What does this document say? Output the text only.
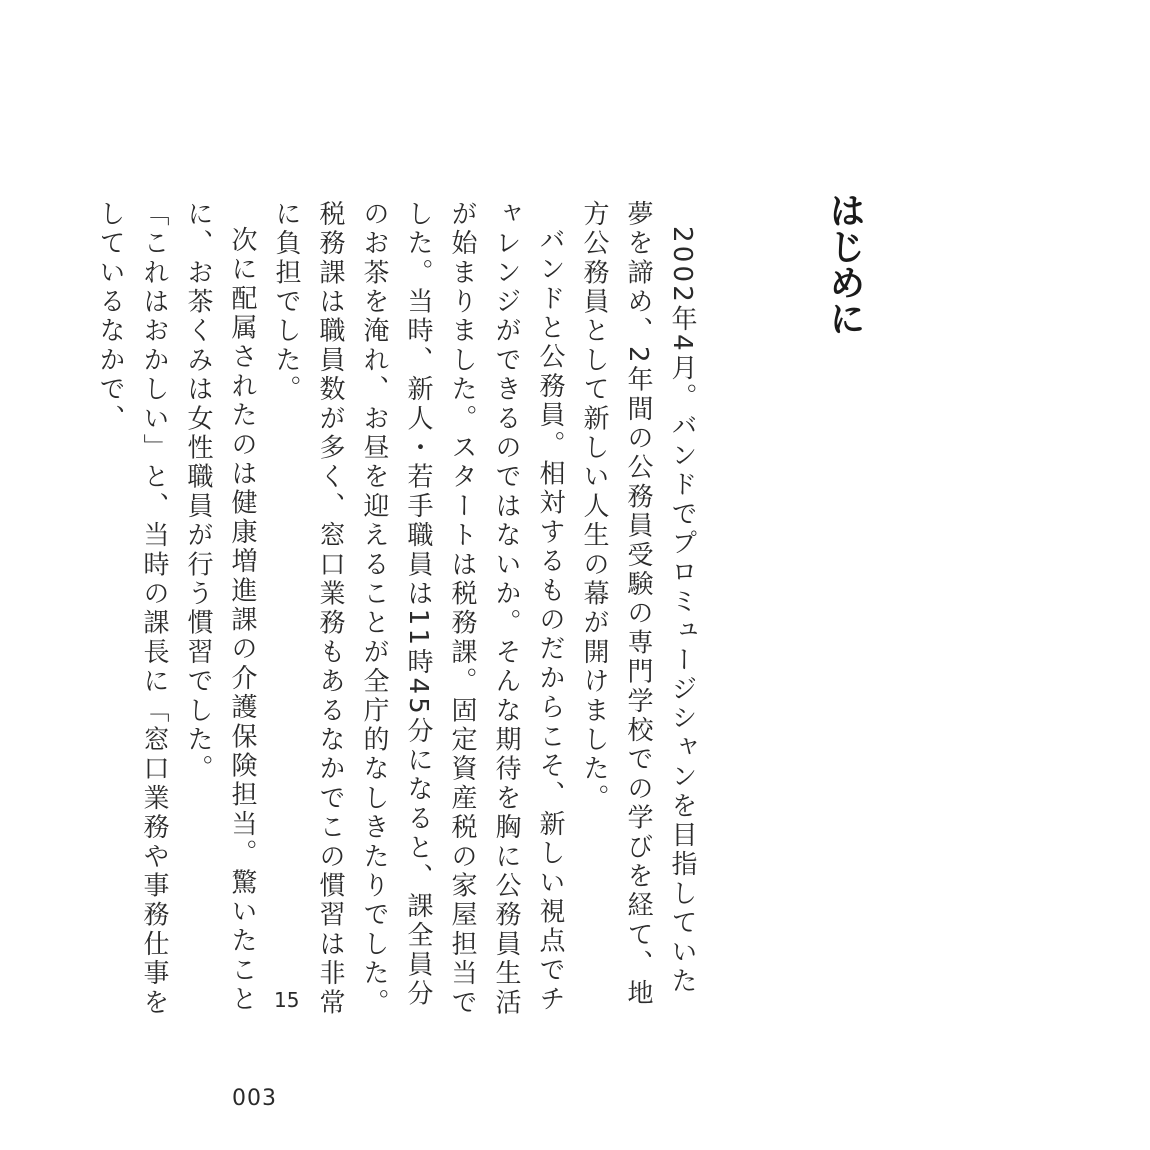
はじめに

2002年4月。バンドでプロミュージシャンを目指していた夢を諦め、2年間の公務員受験の専門学校での学びを経て、地方公務員として新しい人生の幕が開けました。

バンドと公務員。相対するものだからこそ、新しい視点でチャレンジができるのではないか。そんな期待を胸に公務員生活が始まりました。スタートは税務課。固定資産税の家屋担当でした。当時、新人・若手職員は11時45分になると、課全員分のお茶を淹れ、お昼を迎えることが全庁的なしきたりでした。税務課は職員数が多く、窓口業務もあるなかでこの慣習は非常に負担でした。

次に配属されたのは健康増進課の介護保険担当。驚いたことに、お茶くみは女性職員が行う慣習でした。

「これはおかしい」と、当時の課長に「窓口業務や事務仕事をしているなかで、

15
003
